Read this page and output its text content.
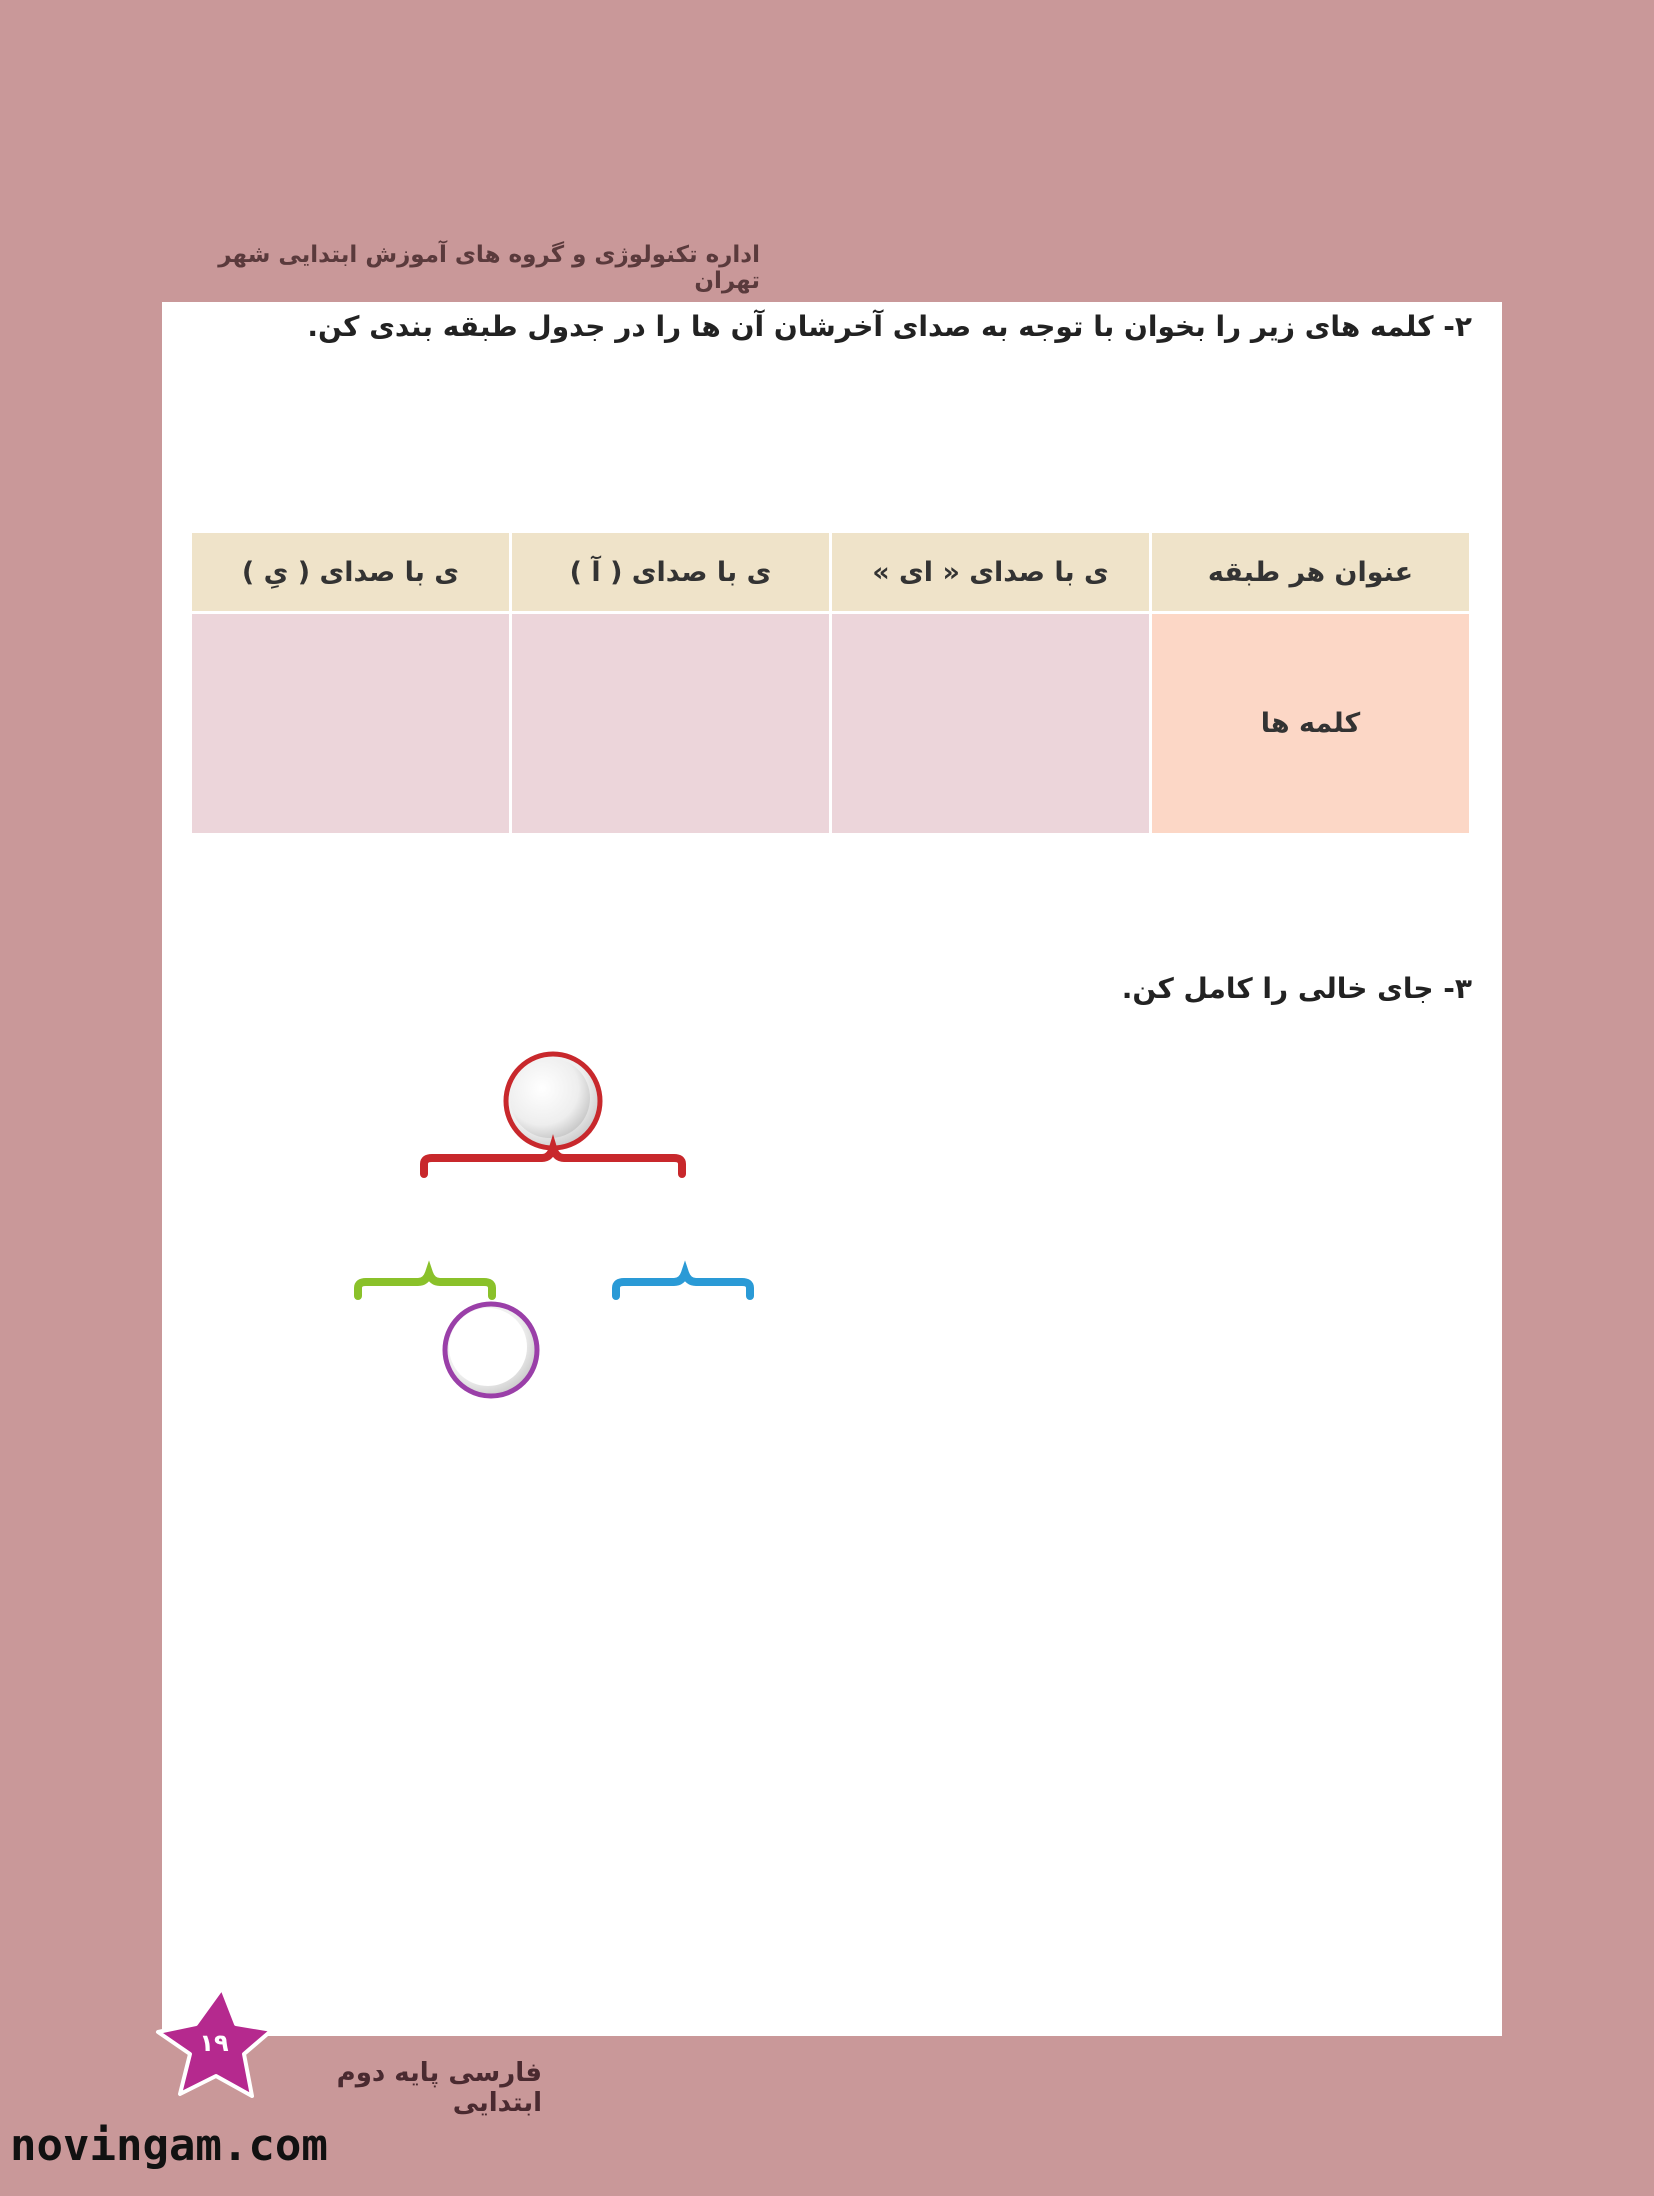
اداره تکنولوژی و گروه های آموزش ابتدایی شهر تهران
۲- کلمه های زیر را بخوان با توجه به صدای آخرشان آن ها را در جدول طبقه بندی کن.
عنوان هر طبقه	ی با صدای « ای »	ی با صدای ( آ )	ی با صدای ( یِ )
کلمه ها			
۳- جای خالی را کامل کن.
۱۹
فارسی پایه دوم ابتدایی
novingam.com
